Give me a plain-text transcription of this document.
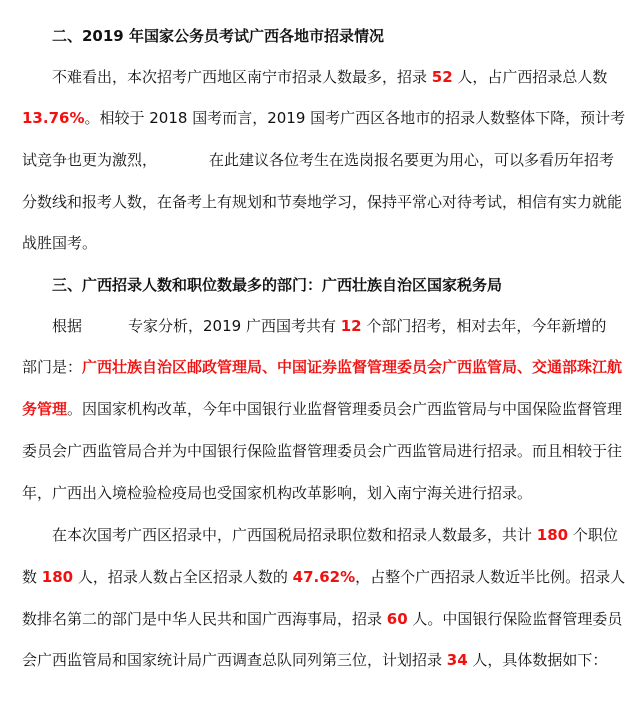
二、2019 年国家公务员考试广西各地市招录情况
不难看出，本次招考广西地区南宁市招录人数最多，招录 52 人，占广西招录总人数
13.76%。相较于 2018 国考而言，2019 国考广西区各地市的招录人数整体下降，预计考
试竞争也更为激烈，	在此建议各位考生在选岗报名要更为用心，可以多看历年招考
分数线和报考人数，在备考上有规划和节奏地学习，保持平常心对待考试，相信有实力就能
战胜国考。
三、广西招录人数和职位数最多的部门：广西壮族自治区国家税务局
根据	专家分析，2019 广西国考共有 12 个部门招考，相对去年，今年新增的
部门是：广西壮族自治区邮政管理局、中国证券监督管理委员会广西监管局、交通部珠江航
务管理。因国家机构改革，今年中国银行业监督管理委员会广西监管局与中国保险监督管理
委员会广西监管局合并为中国银行保险监督管理委员会广西监管局进行招录。而且相较于往
年，广西出入境检验检疫局也受国家机构改革影响，划入南宁海关进行招录。
在本次国考广西区招录中，广西国税局招录职位数和招录人数最多，共计 180 个职位
数 180 人，招录人数占全区招录人数的 47.62%，占整个广西招录人数近半比例。招录人
数排名第二的部门是中华人民共和国广西海事局，招录 60 人。中国银行保险监督管理委员
会广西监管局和国家统计局广西调查总队同列第三位，计划招录 34 人，具体数据如下：
